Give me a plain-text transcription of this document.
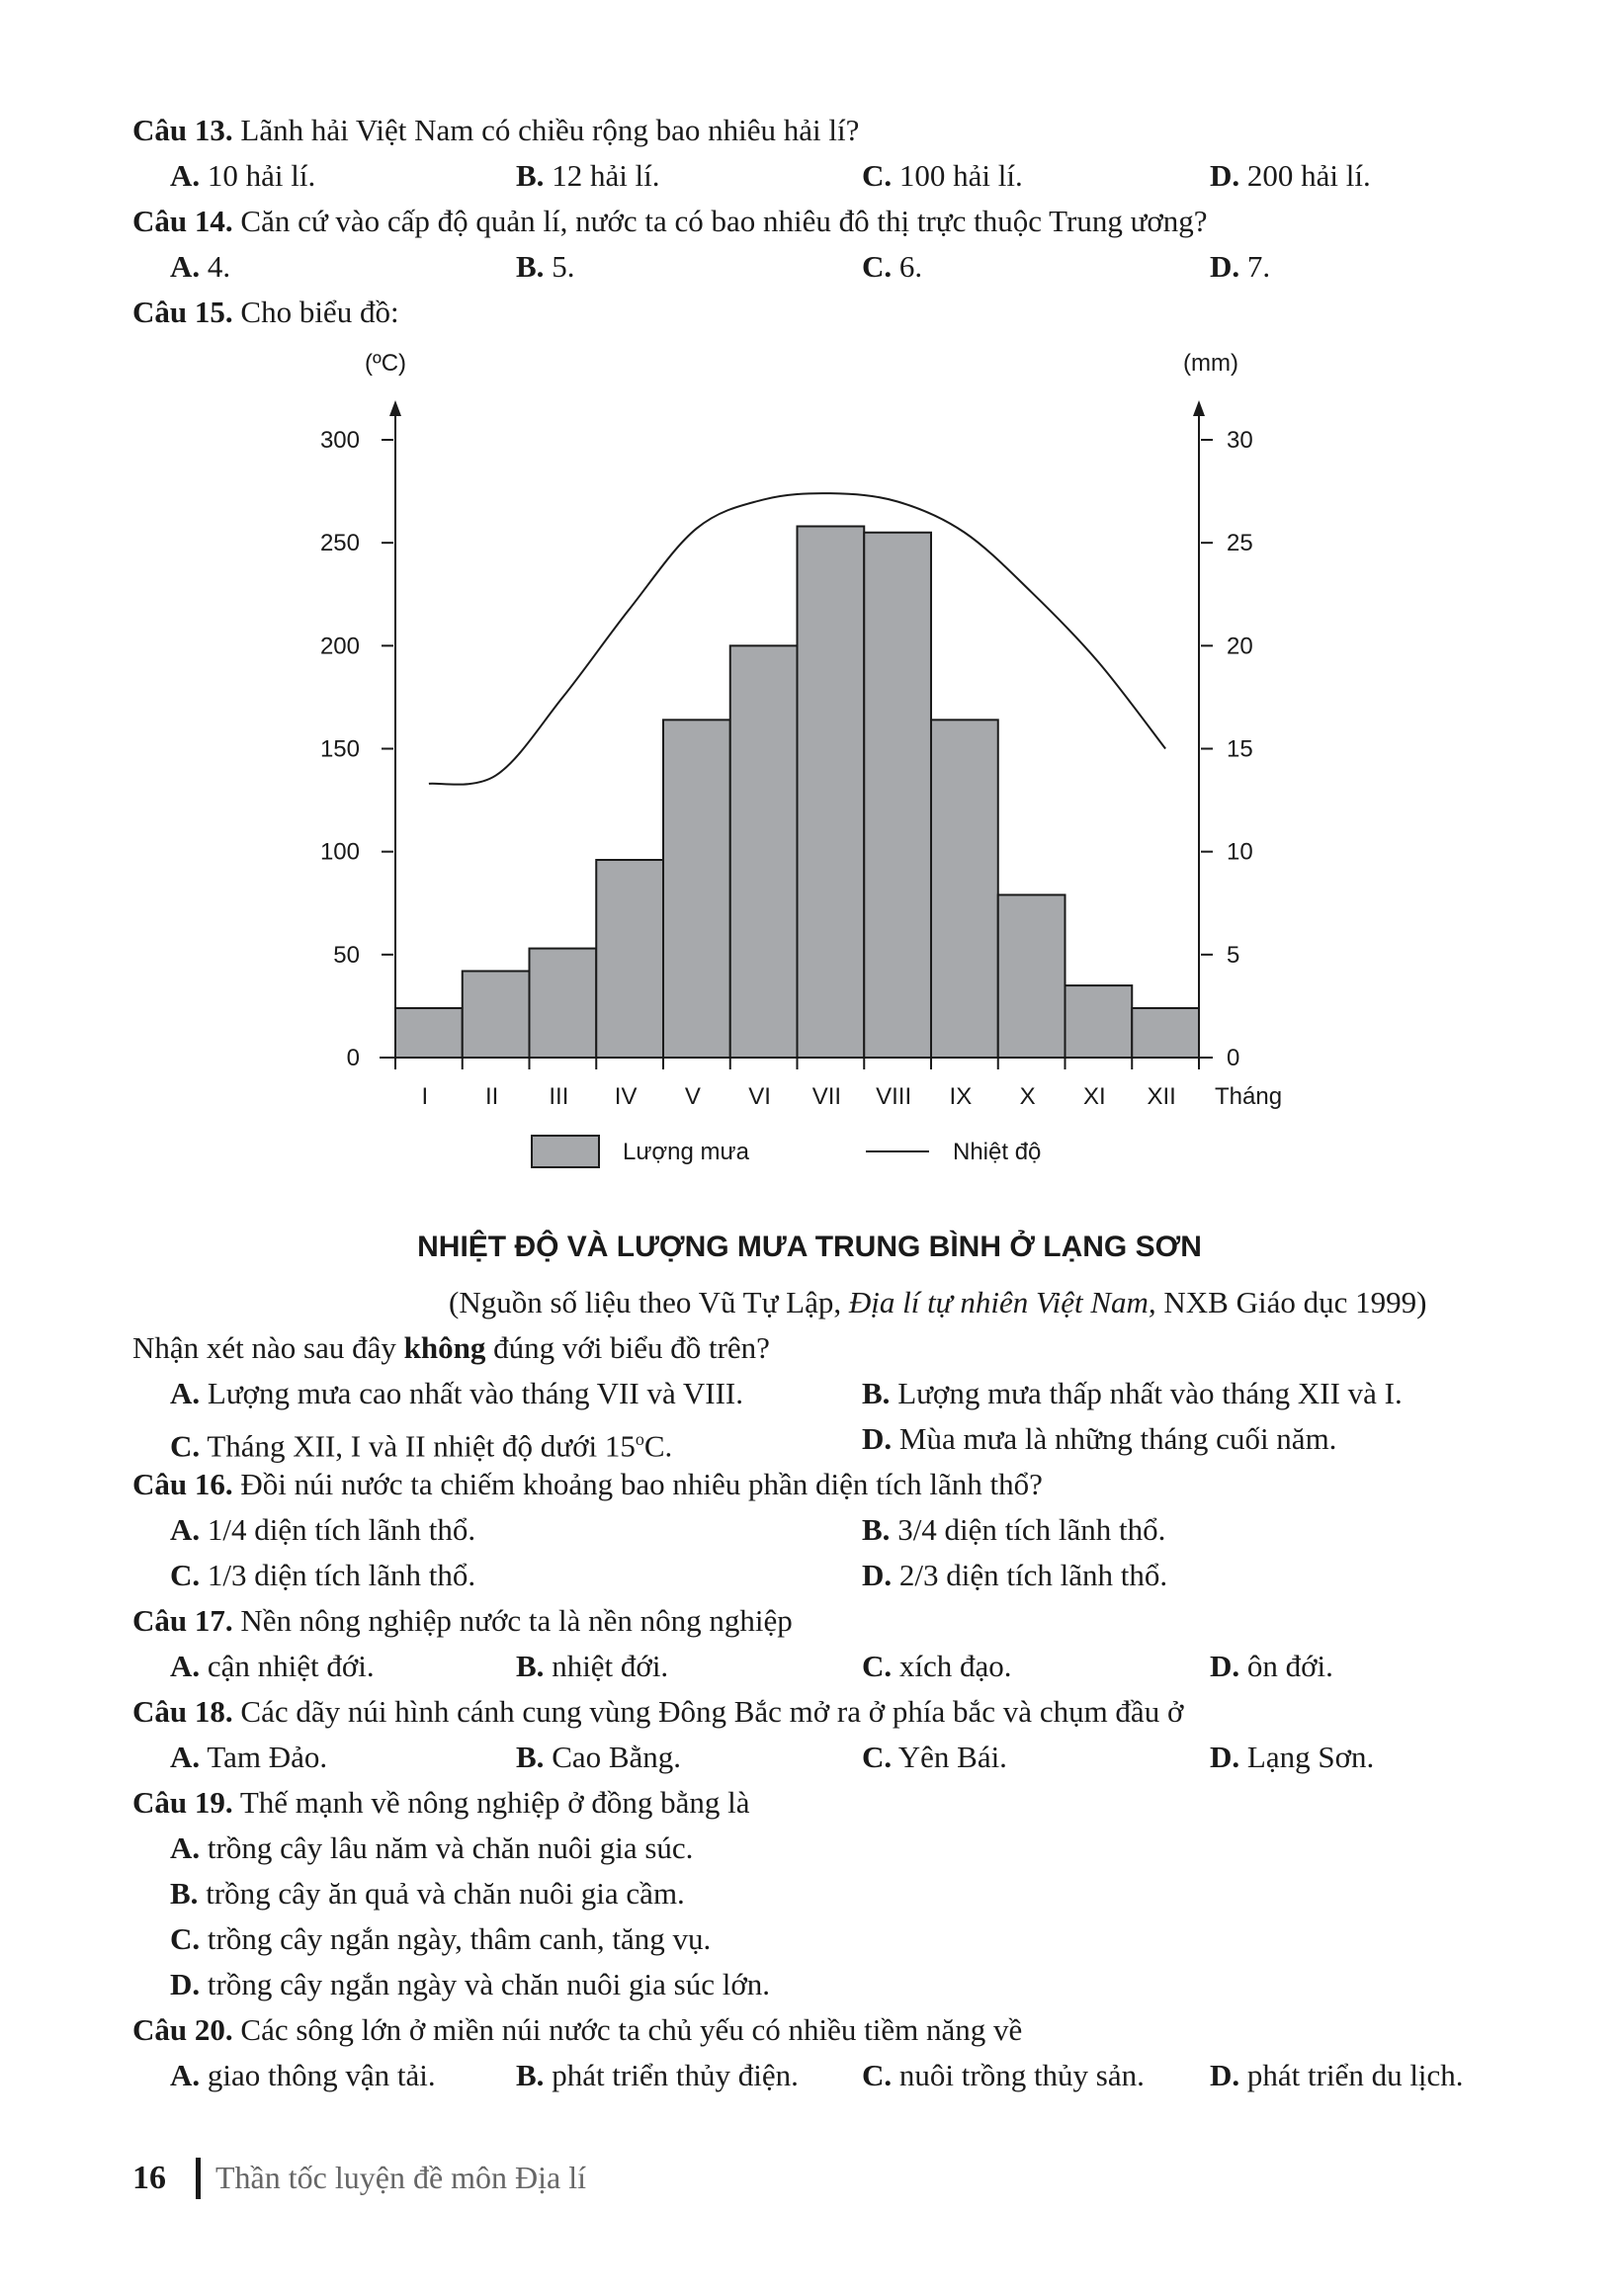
Câu 13. Lãnh hải Việt Nam có chiều rộng bao nhiêu hải lí?
A. 10 hải lí.	B. 12 hải lí.	C. 100 hải lí.	D. 200 hải lí.
Câu 14. Căn cứ vào cấp độ quản lí, nước ta có bao nhiêu đô thị trực thuộc Trung ương?
A. 4.	B. 5.	C. 6.	D. 7.
Câu 15. Cho biểu đồ:
(ºC)	(mm)
0
50
100
150
200
250
300
0
5
10
15
20
25
30
I II III IV V VI VII VIII IX X XI XII Tháng
Lượng mưa	Nhiệt độ
NHIỆT ĐỘ VÀ LƯỢNG MƯA TRUNG BÌNH Ở LẠNG SƠN
(Nguồn số liệu theo Vũ Tự Lập, Địa lí tự nhiên Việt Nam, NXB Giáo dục 1999)
Nhận xét nào sau đây không đúng với biểu đồ trên?
A. Lượng mưa cao nhất vào tháng VII và VIII.	B. Lượng mưa thấp nhất vào tháng XII và I.
C. Tháng XII, I và II nhiệt độ dưới 15$^o$C.	D. Mùa mưa là những tháng cuối năm.
Câu 16. Đồi núi nước ta chiếm khoảng bao nhiêu phần diện tích lãnh thổ?
A. 1/4 diện tích lãnh thổ.	B. 3/4 diện tích lãnh thổ.
C. 1/3 diện tích lãnh thổ.	D. 2/3 diện tích lãnh thổ.
Câu 17. Nền nông nghiệp nước ta là nền nông nghiệp
A. cận nhiệt đới.	B. nhiệt đới.	C. xích đạo.	D. ôn đới.
Câu 18. Các dãy núi hình cánh cung vùng Đông Bắc mở ra ở phía bắc và chụm đầu ở
A. Tam Đảo.	B. Cao Bằng.	C. Yên Bái.	D. Lạng Sơn.
Câu 19. Thế mạnh về nông nghiệp ở đồng bằng là
A. trồng cây lâu năm và chăn nuôi gia súc.
B. trồng cây ăn quả và chăn nuôi gia cầm.
C. trồng cây ngắn ngày, thâm canh, tăng vụ.
D. trồng cây ngắn ngày và chăn nuôi gia súc lớn.
Câu 20. Các sông lớn ở miền núi nước ta chủ yếu có nhiều tiềm năng về
A. giao thông vận tải.	B. phát triển thủy điện. C. nuôi trồng thủy sản. D. phát triển du lịch.
16 Thần tốc luyện đề môn Địa lí
